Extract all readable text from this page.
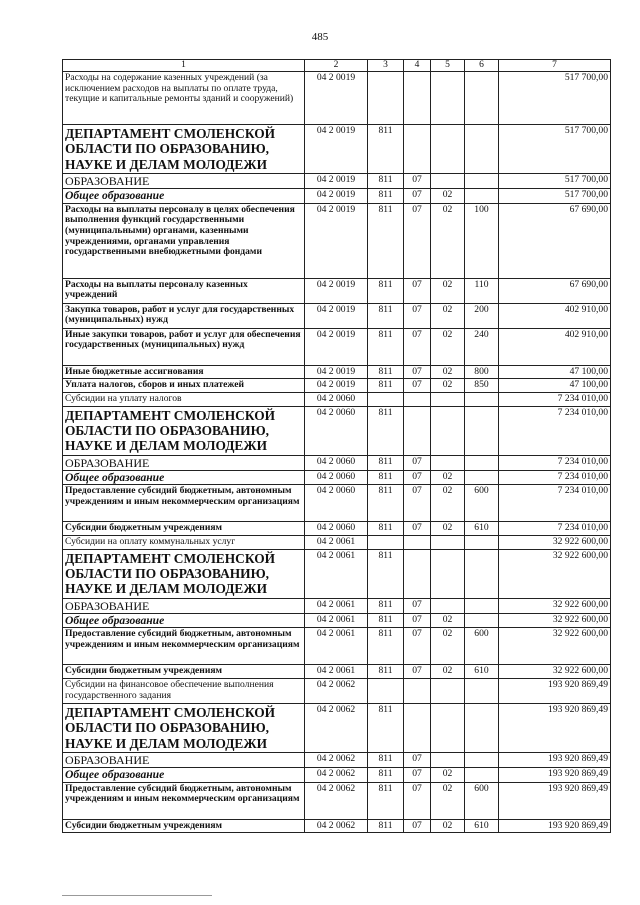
485
1	2	3	4	5	6	7
Расходы на содержание казенных учреждений (за исключением расходов на выплаты по оплате труда, текущие и капитальные ремонты зданий и сооружений)	04 2 0019					517 700,00
ДЕПАРТАМЕНТ СМОЛЕНСКОЙ ОБЛАСТИ ПО ОБРАЗОВАНИЮ, НАУКЕ И ДЕЛАМ МОЛОДЕЖИ	04 2 0019	811				517 700,00
ОБРАЗОВАНИЕ	04 2 0019	811	07			517 700,00
Общее образование	04 2 0019	811	07	02		517 700,00
Расходы на выплаты персоналу в целях обеспечения выполнения функций государственными (муниципальными) органами, казенными учреждениями, органами управления государственными внебюджетными фондами	04 2 0019	811	07	02	100	67 690,00
Расходы на выплаты персоналу казенных учреждений	04 2 0019	811	07	02	110	67 690,00
Закупка товаров, работ и услуг для государственных (муниципальных) нужд	04 2 0019	811	07	02	200	402 910,00
Иные закупки товаров, работ и услуг для обеспечения государственных (муниципальных) нужд	04 2 0019	811	07	02	240	402 910,00
Иные бюджетные ассигнования	04 2 0019	811	07	02	800	47 100,00
Уплата налогов, сборов и иных платежей	04 2 0019	811	07	02	850	47 100,00
Субсидии на уплату налогов	04 2 0060					7 234 010,00
ДЕПАРТАМЕНТ СМОЛЕНСКОЙ ОБЛАСТИ ПО ОБРАЗОВАНИЮ, НАУКЕ И ДЕЛАМ МОЛОДЕЖИ	04 2 0060	811				7 234 010,00
ОБРАЗОВАНИЕ	04 2 0060	811	07			7 234 010,00
Общее образование	04 2 0060	811	07	02		7 234 010,00
Предоставление субсидий бюджетным, автономным учреждениям и иным некоммерческим организациям	04 2 0060	811	07	02	600	7 234 010,00
Субсидии бюджетным учреждениям	04 2 0060	811	07	02	610	7 234 010,00
Субсидии на оплату коммунальных услуг	04 2 0061					32 922 600,00
ДЕПАРТАМЕНТ СМОЛЕНСКОЙ ОБЛАСТИ ПО ОБРАЗОВАНИЮ, НАУКЕ И ДЕЛАМ МОЛОДЕЖИ	04 2 0061	811				32 922 600,00
ОБРАЗОВАНИЕ	04 2 0061	811	07			32 922 600,00
Общее образование	04 2 0061	811	07	02		32 922 600,00
Предоставление субсидий бюджетным, автономным учреждениям и иным некоммерческим организациям	04 2 0061	811	07	02	600	32 922 600,00
Субсидии бюджетным учреждениям	04 2 0061	811	07	02	610	32 922 600,00
Субсидии на финансовое обеспечение выполнения государственного задания	04 2 0062					193 920 869,49
ДЕПАРТАМЕНТ СМОЛЕНСКОЙ ОБЛАСТИ ПО ОБРАЗОВАНИЮ, НАУКЕ И ДЕЛАМ МОЛОДЕЖИ	04 2 0062	811				193 920 869,49
ОБРАЗОВАНИЕ	04 2 0062	811	07			193 920 869,49
Общее образование	04 2 0062	811	07	02		193 920 869,49
Предоставление субсидий бюджетным, автономным учреждениям и иным некоммерческим организациям	04 2 0062	811	07	02	600	193 920 869,49
Субсидии бюджетным учреждениям	04 2 0062	811	07	02	610	193 920 869,49
